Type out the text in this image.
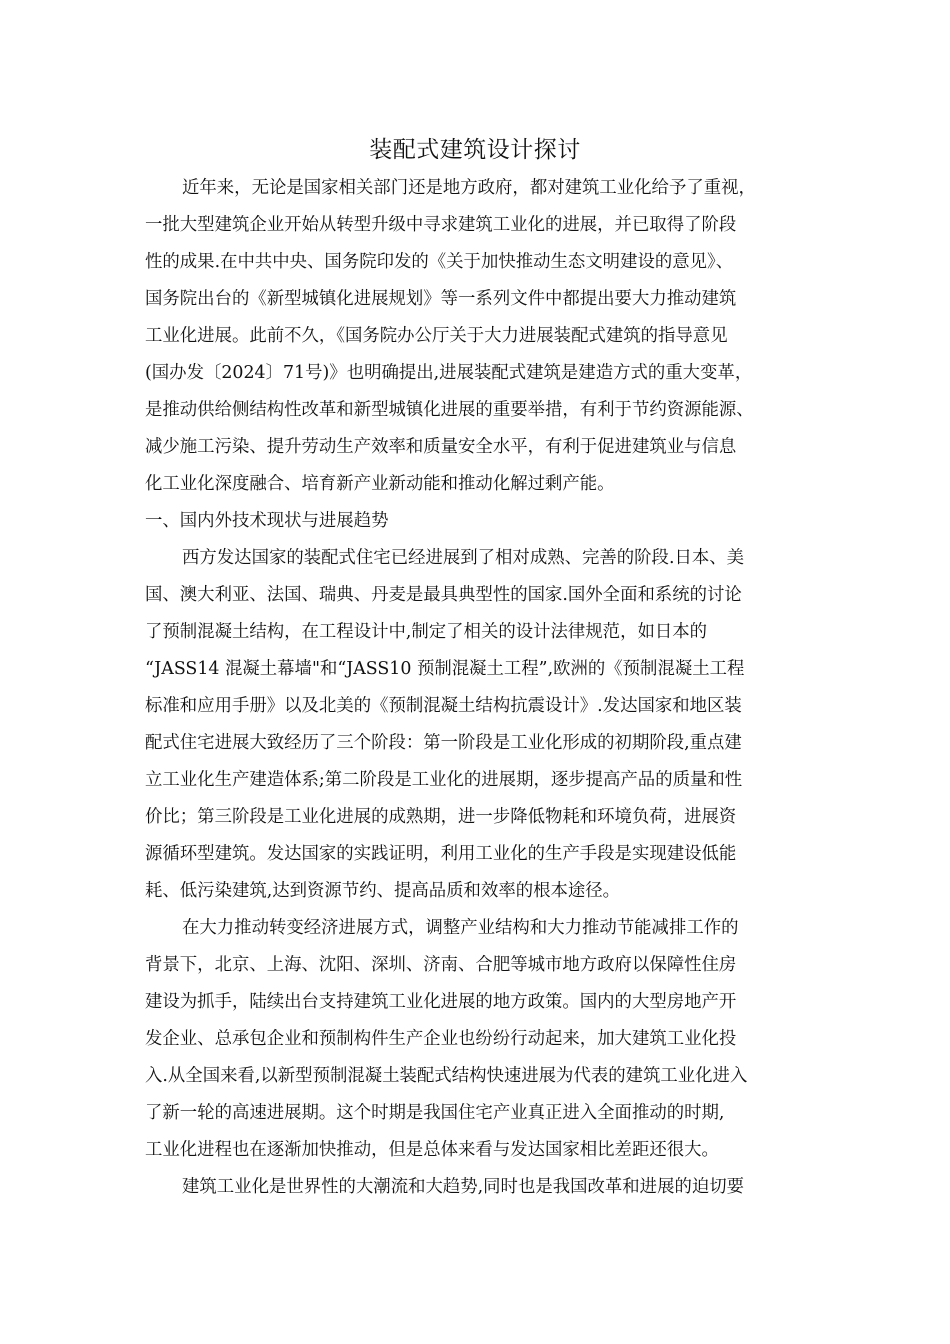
装配式建筑设计探讨
近年来，无论是国家相关部门还是地方政府，都对建筑工业化给予了重视，
一批大型建筑企业开始从转型升级中寻求建筑工业化的进展，并已取得了阶段
性的成果.在中共中央、国务院印发的《关于加快推动生态文明建设的意见》、
国务院出台的《新型城镇化进展规划》等一系列文件中都提出要大力推动建筑
工业化进展。此前不久，《国务院办公厅关于大力进展装配式建筑的指导意见
(国办发〔2024〕71号)》也明确提出,进展装配式建筑是建造方式的重大变革，
是推动供给侧结构性改革和新型城镇化进展的重要举措，有利于节约资源能源、
减少施工污染、提升劳动生产效率和质量安全水平，有利于促进建筑业与信息
化工业化深度融合、培育新产业新动能和推动化解过剩产能。
一、国内外技术现状与进展趋势
西方发达国家的装配式住宅已经进展到了相对成熟、完善的阶段.日本、美
国、澳大利亚、法国、瑞典、丹麦是最具典型性的国家.国外全面和系统的讨论
了预制混凝土结构，在工程设计中,制定了相关的设计法律规范，如日本的
“JASS14 混凝土幕墙"和“JASS10 预制混凝土工程”,欧洲的《预制混凝土工程
标准和应用手册》以及北美的《预制混凝土结构抗震设计》.发达国家和地区装
配式住宅进展大致经历了三个阶段：第一阶段是工业化形成的初期阶段,重点建
立工业化生产建造体系;第二阶段是工业化的进展期，逐步提高产品的质量和性
价比；第三阶段是工业化进展的成熟期，进一步降低物耗和环境负荷，进展资
源循环型建筑。发达国家的实践证明，利用工业化的生产手段是实现建设低能
耗、低污染建筑,达到资源节约、提高品质和效率的根本途径。
在大力推动转变经济进展方式，调整产业结构和大力推动节能减排工作的
背景下，北京、上海、沈阳、深圳、济南、合肥等城市地方政府以保障性住房
建设为抓手，陆续出台支持建筑工业化进展的地方政策。国内的大型房地产开
发企业、总承包企业和预制构件生产企业也纷纷行动起来，加大建筑工业化投
入.从全国来看,以新型预制混凝土装配式结构快速进展为代表的建筑工业化进入
了新一轮的高速进展期。这个时期是我国住宅产业真正进入全面推动的时期,
工业化进程也在逐渐加快推动，但是总体来看与发达国家相比差距还很大。
建筑工业化是世界性的大潮流和大趋势,同时也是我国改革和进展的迫切要
